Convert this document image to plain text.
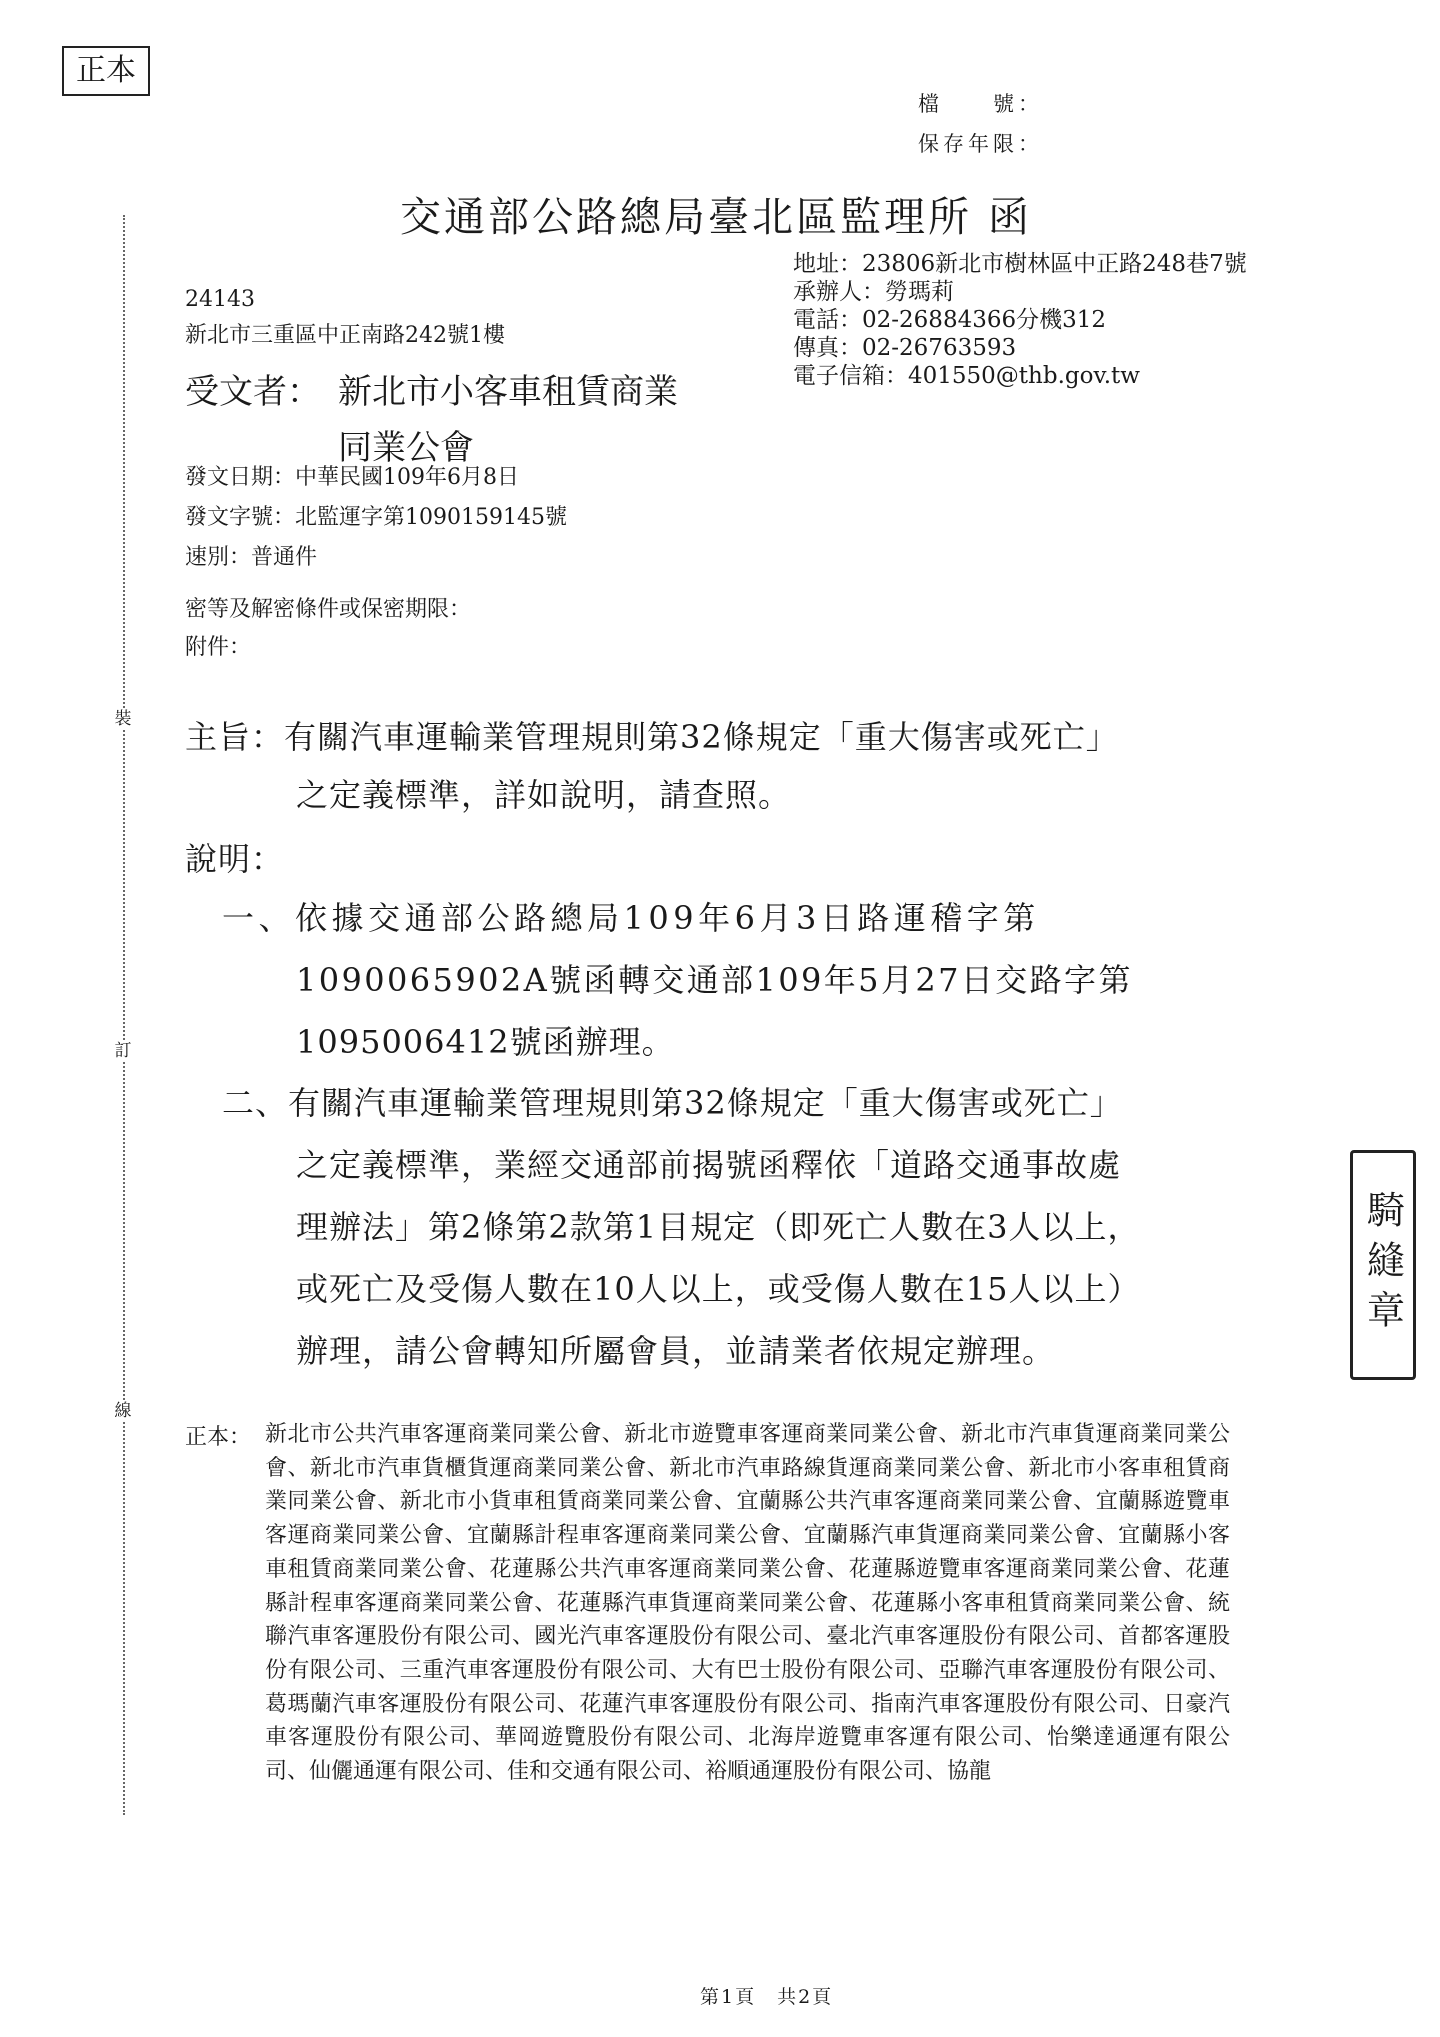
正本
檔　　號：
保存年限：
交通部公路總局臺北區監理所 函
地址：23806新北市樹林區中正路248巷7號
承辦人：勞瑪莉
電話：02-26884366分機312
傳真：02-26763593
電子信箱：401550@thb.gov.tw
24143
新北市三重區中正南路242號1樓
受文者： 新北市小客車租賃商業
同業公會
發文日期：中華民國109年6月8日
發文字號：北監運字第1090159145號
速別：普通件
密等及解密條件或保密期限：
附件：
裝
訂
線
主旨：有關汽車運輸業管理規則第32條規定「重大傷害或死亡」
之定義標準，詳如說明，請查照。
說明：
一、依據交通部公路總局109年6月3日路運稽字第
1090065902A號函轉交通部109年5月27日交路字第
1095006412號函辦理。
二、有關汽車運輸業管理規則第32條規定「重大傷害或死亡」
之定義標準，業經交通部前揭號函釋依「道路交通事故處
理辦法」第2條第2款第1目規定（即死亡人數在3人以上，
或死亡及受傷人數在10人以上，或受傷人數在15人以上）
辦理，請公會轉知所屬會員，並請業者依規定辦理。
騎縫章
正本： 新北市公共汽車客運商業同業公會、新北市遊覽車客運商業同業公會、新北市汽車貨運商業同業公會、新北市汽車貨櫃貨運商業同業公會、新北市汽車路線貨運商業同業公會、新北市小客車租賃商業同業公會、新北市小貨車租賃商業同業公會、宜蘭縣公共汽車客運商業同業公會、宜蘭縣遊覽車客運商業同業公會、宜蘭縣計程車客運商業同業公會、宜蘭縣汽車貨運商業同業公會、宜蘭縣小客車租賃商業同業公會、花蓮縣公共汽車客運商業同業公會、花蓮縣遊覽車客運商業同業公會、花蓮縣計程車客運商業同業公會、花蓮縣汽車貨運商業同業公會、花蓮縣小客車租賃商業同業公會、統聯汽車客運股份有限公司、國光汽車客運股份有限公司、臺北汽車客運股份有限公司、首都客運股份有限公司、三重汽車客運股份有限公司、大有巴士股份有限公司、亞聯汽車客運股份有限公司、葛瑪蘭汽車客運股份有限公司、花蓮汽車客運股份有限公司、指南汽車客運股份有限公司、日豪汽車客運股份有限公司、華岡遊覽股份有限公司、北海岸遊覽車客運有限公司、怡樂達通運有限公司、仙儷通運有限公司、佳和交通有限公司、裕順通運股份有限公司、協龍
第1頁　共2頁
